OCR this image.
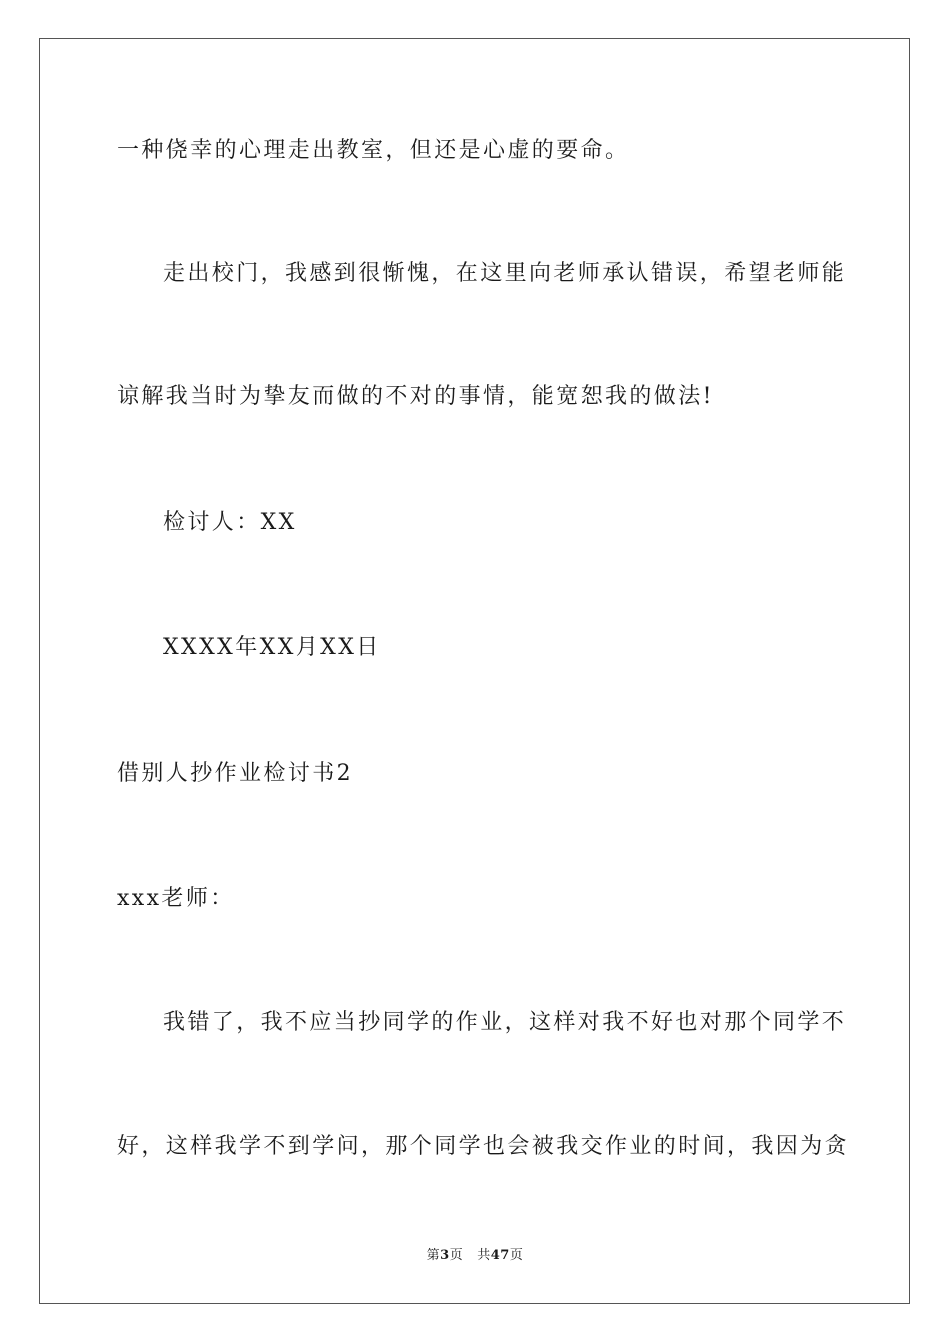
一种侥幸的心理走出教室，但还是心虚的要命。
走出校门，我感到很惭愧，在这里向老师承认错误，希望老师能
谅解我当时为挚友而做的不对的事情，能宽恕我的做法!
检讨人：XX
XXXX年XX月XX日
借别人抄作业检讨书2
xxx老师：
我错了，我不应当抄同学的作业，这样对我不好也对那个同学不
好，这样我学不到学问，那个同学也会被我交作业的时间，我因为贪
第3页 共47页
